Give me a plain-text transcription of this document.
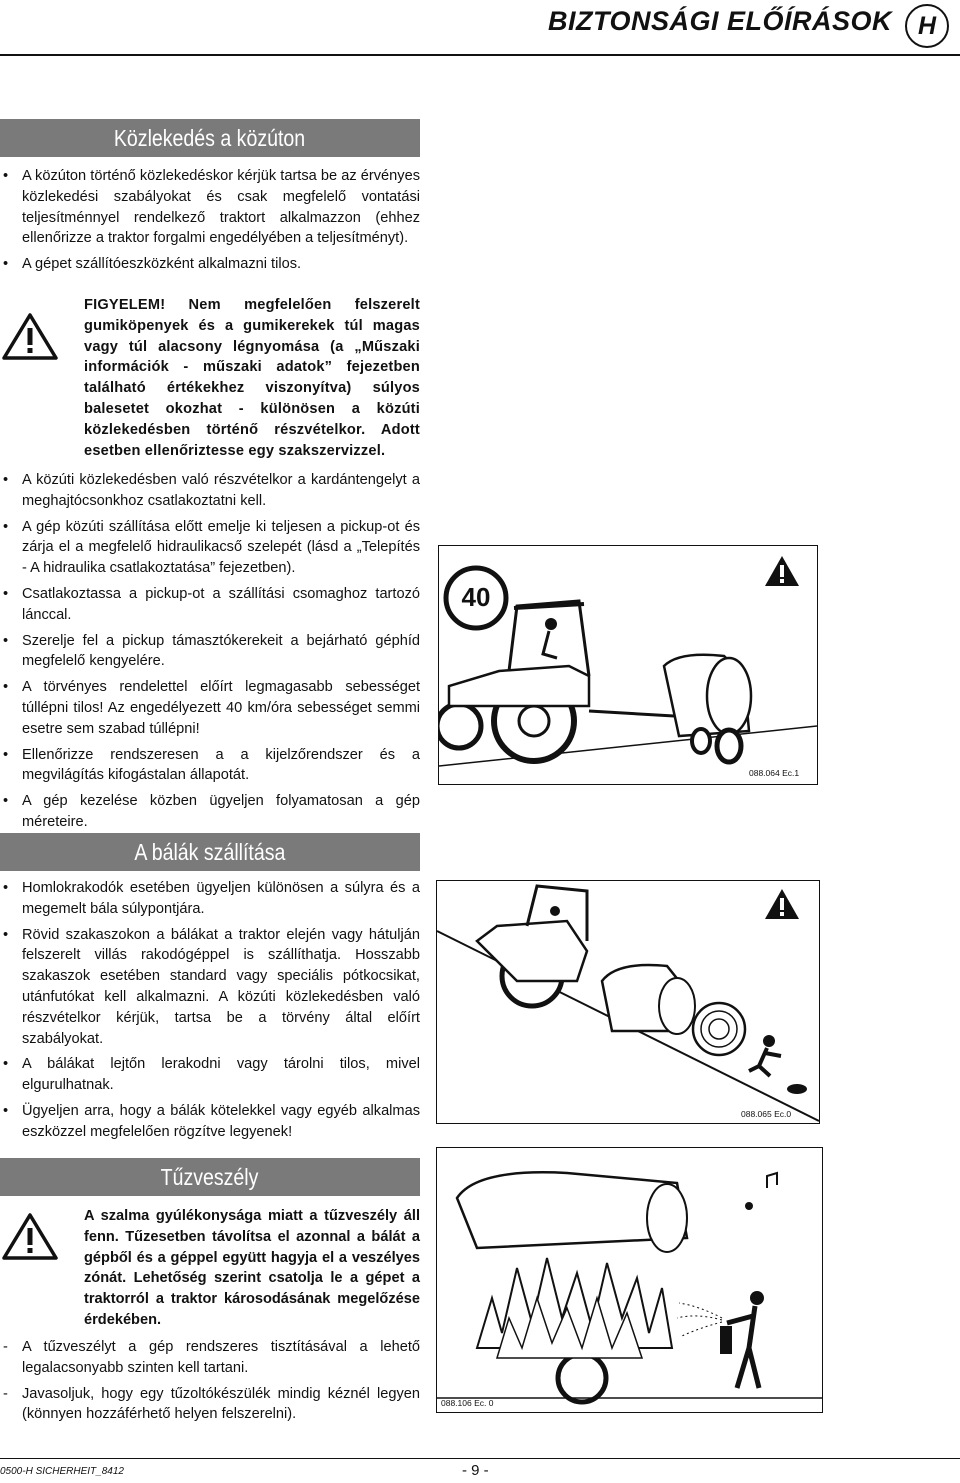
BIZTONSÁGI ELŐÍRÁSOK	H
Közlekedés a közúton
• A közúton történő közlekedéskor kérjük tartsa be az érvényes közlekedési szabályokat és csak megfelelő vontatási teljesítménnyel rendelkező traktort alkalmazzon (ehhez ellenőrizze a traktor forgalmi engedélyében a teljesítményt).
• A gépet szállítóeszközként alkalmazni tilos.
FIGYELEM! Nem megfelelően felszerelt gumiköpenyek és a gumikerekek túl magas vagy túl alacsony légnyomása (a „Műszaki információk - műszaki adatok” fejezetben található értékekhez viszonyítva) súlyos balesetet okozhat - különösen a közúti közlekedésben történő részvételkor. Adott esetben ellenőriztesse egy szakszervizzel.
• A közúti közlekedésben való részvételkor a kardántengelyt a meghajtócsonkhoz csatlakoztatni kell.
• A gép közúti szállítása előtt emelje ki teljesen a pickup-ot és zárja el a megfelelő hidraulikacső szelepét (lásd a „Telepítés - A hidraulika csatlakoztatása” fejezetben).
• Csatlakoztassa a pickup-ot a szállítási csomaghoz tartozó lánccal.
• Szerelje fel a pickup támasztókerekeit a bejárható géphíd megfelelő kengyelére.
• A törvényes rendelettel előírt legmagasabb sebességet túllépni tilos! Az engedélyezett 40 km/óra sebességet semmi esetre sem szabad túllépni!
• Ellenőrizze rendszeresen a a kijelzőrendszer és a megvilágítás kifogástalan állapotát.
• A gép kezelése közben ügyeljen folyamatosan a gép méreteire.
A bálák szállítása
• Homlokrakodók esetében ügyeljen különösen a súlyra és a megemelt bála súlypontjára.
• Rövid szakaszokon a bálákat a traktor elején vagy hátulján felszerelt villás rakodógéppel is szállíthatja. Hosszabb szakaszok esetében standard vagy speciális pótkocsikat, utánfutókat kell alkalmazni. A közúti közlekedésben való részvételkor kérjük, tartsa be a törvény által előírt szabályokat.
• A bálákat lejtőn lerakodni vagy tárolni tilos, mivel elgurulhatnak.
• Ügyeljen arra, hogy a bálák kötelekkel vagy egyéb alkalmas eszközzel megfelelően rögzítve legyenek!
Tűzveszély
A szalma gyúlékonysága miatt a tűzveszély áll fenn. Tűzesetben távolítsa el azonnal a bálát a gépből és a géppel együtt hagyja el a veszélyes zónát. Lehetőség szerint csatolja le a gépet a traktorról a traktor károsodásának megelőzése érdekében.
- A tűzveszélyt a gép rendszeres tisztításával a lehető legalacsonyabb szinten kell tartani.
- Javasoljuk, hogy egy tűzoltókészülék mindig kéznél legyen (könnyen hozzáférhető helyen felszerelni).
40
088.064 Ec.1
088.065 Ec.0
088.106 Ec. 0
0500-H SICHERHEIT_8412	- 9 -
